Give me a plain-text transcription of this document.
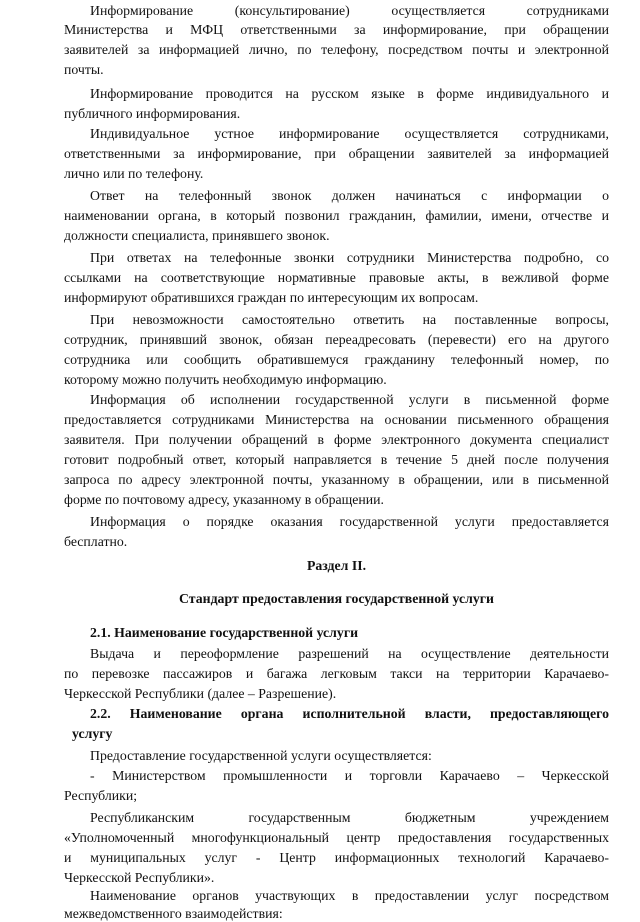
Информирование (консультирование) осуществляется сотрудниками
Министерства и МФЦ ответственными за информирование, при обращении
заявителей за информацией лично, по телефону, посредством почты и электронной
почты.
Информирование проводится на русском языке в форме индивидуального и
публичного информирования.
Индивидуальное устное информирование осуществляется сотрудниками,
ответственными за информирование, при обращении заявителей за информацией
лично или по телефону.
Ответ на телефонный звонок должен начинаться с информации о
наименовании органа, в который позвонил гражданин, фамилии, имени, отчестве и
должности специалиста, принявшего звонок.
При ответах на телефонные звонки сотрудники Министерства подробно, со
ссылками на соответствующие нормативные правовые акты, в вежливой форме
информируют обратившихся граждан по интересующим их вопросам.
При невозможности самостоятельно ответить на поставленные вопросы,
сотрудник, принявший звонок, обязан переадресовать (перевести) его на другого
сотрудника или сообщить обратившемуся гражданину телефонный номер, по
которому можно получить необходимую информацию.
Информация об исполнении государственной услуги в письменной форме
предоставляется сотрудниками Министерства на основании письменного обращения
заявителя. При получении обращений в форме электронного документа специалист
готовит подробный ответ, который направляется в течение 5 дней после получения
запроса по адресу электронной почты, указанному в обращении, или в письменной
форме по почтовому адресу, указанному в обращении.
Информация о порядке оказания государственной услуги предоставляется
бесплатно.
Раздел II.
Стандарт предоставления государственной услуги
2.1. Наименование государственной услуги
Выдача и переоформление разрешений на осуществление деятельности
по перевозке пассажиров и багажа легковым такси на территории Карачаево-
Черкесской Республики (далее – Разрешение).
2.2. Наименование органа исполнительной власти, предоставляющего
услугу
Предоставление государственной услуги осуществляется:
- Министерством промышленности и торговли Карачаево – Черкесской
Республики;
Республиканским государственным бюджетным учреждением
«Уполномоченный многофункциональный центр предоставления государственных
и муниципальных услуг - Центр информационных технологий Карачаево-
Черкесской Республики».
Наименование органов участвующих в предоставлении услуг посредством
межведомственного взаимодействия:
